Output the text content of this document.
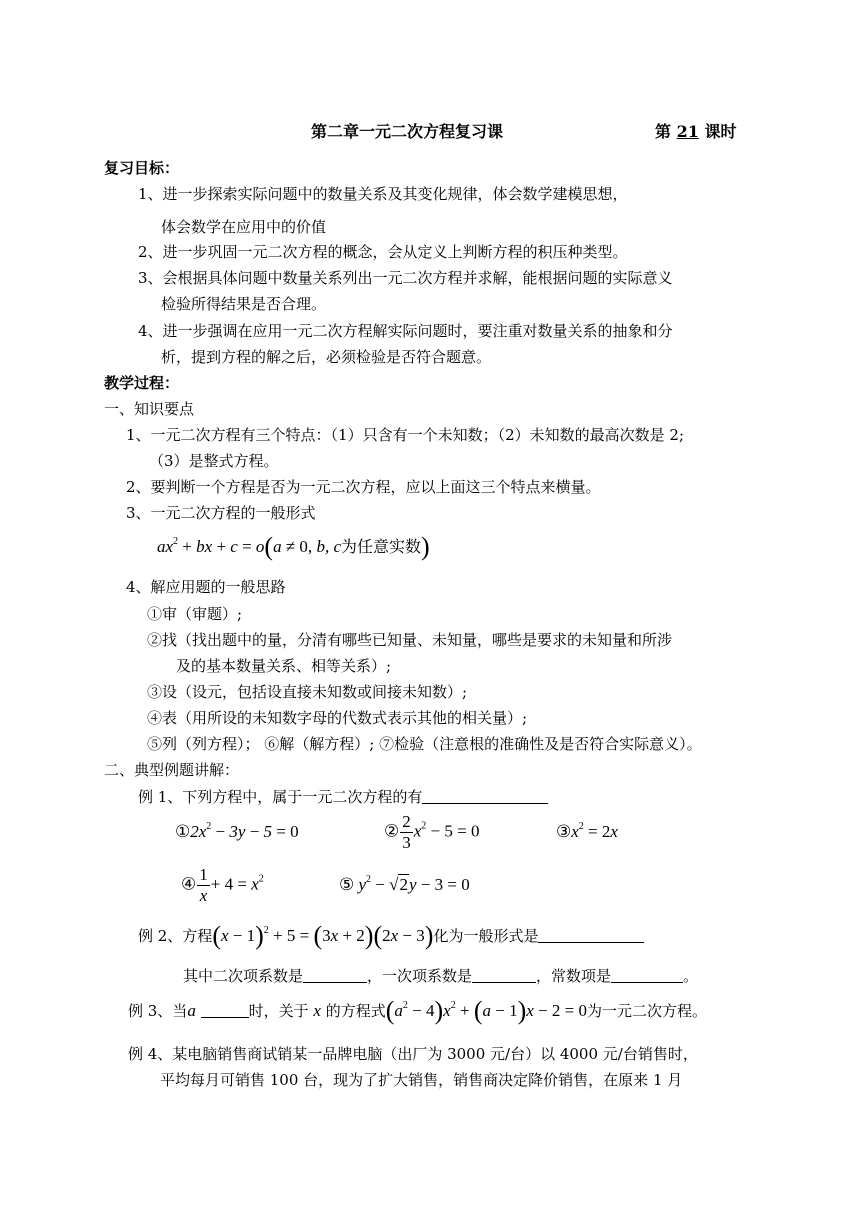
第二章一元二次方程复习课	第 21 课时
复习目标：
1、进一步探索实际问题中的数量关系及其变化规律，体会数学建模思想，
体会数学在应用中的价值
2、进一步巩固一元二次方程的概念，会从定义上判断方程的积压种类型。
3、会根据具体问题中数量关系列出一元二次方程并求解，能根据问题的实际意义
检验所得结果是否合理。
4、进一步强调在应用一元二次方程解实际问题时，要注重对数量关系的抽象和分
析，提到方程的解之后，必须检验是否符合题意。
教学过程：
一、知识要点
1、一元二次方程有三个特点：（1）只含有一个未知数；（2）未知数的最高次数是 2;
（3）是整式方程。
2、要判断一个方程是否为一元二次方程，应以上面这三个特点来横量。
3、一元二次方程的一般形式
$ax^2$ + bx + c = o(a ≠ 0, b, c为任意实数)
4、解应用题的一般思路
①审（审题）;
②找（找出题中的量，分清有哪些已知量、未知量，哪些是要求的未知量和所涉
及的基本数量关系、相等关系）;
③设（设元，包括设直接未知数或间接未知数）;
④表（用所设的未知数字母的代数式表示其他的相关量）;
⑤列（列方程）； ⑥解（解方程）; ⑦检验（注意根的准确性及是否符合实际意义）。
二、典型例题讲解：
例 1、下列方程中，属于一元二次方程的有
$①2x^2 - 3y - 5 = 0$	② $\frac{2}{3} x^2 - 5 = 0$	$③x^2 = 2x$
④ $\frac{1}{x} + 4 = x^2$	⑤ $y^2 - √2y - 3 = 0$
例 2、方程$(x - 1)^2 + 5 = (3x + 2)(2x - 3)$化为一般形式是
其中二次项系数是	，一次项系数是	，常数项是	。
例 3、当a	时，关于 x 的方程式$(a^2 - 4)x^2 + (a - 1)x - 2 = 0$为一元二次方程。
例 4、某电脑销售商试销某一品牌电脑（出厂为 3000 元/台）以 4000 元/台销售时，
平均每月可销售 100 台，现为了扩大销售，销售商决定降价销售，在原来 1 月
